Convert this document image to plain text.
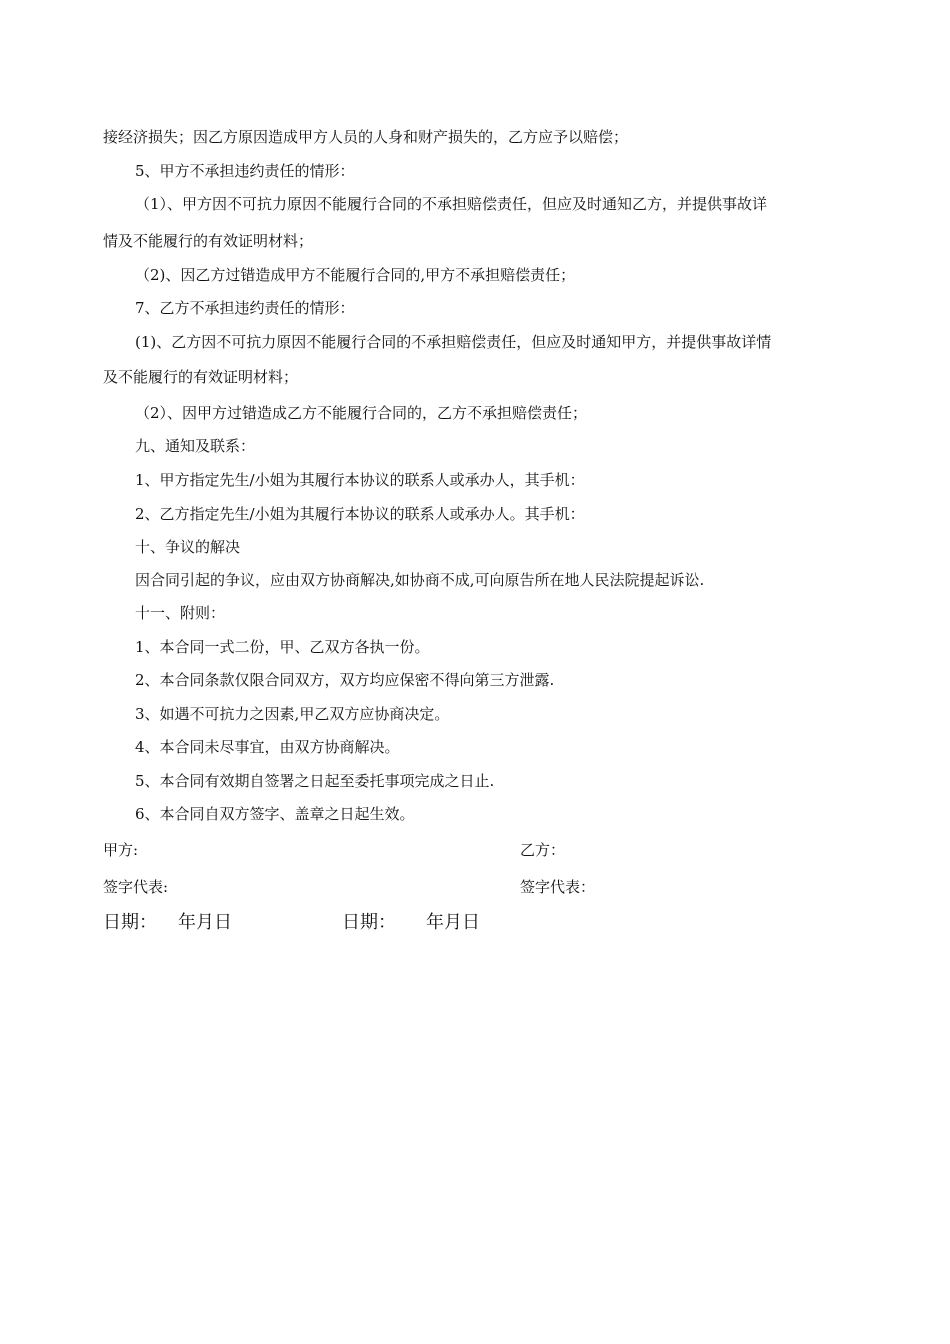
接经济损失；因乙方原因造成甲方人员的人身和财产损失的，乙方应予以赔偿；
5、甲方不承担违约责任的情形：
（1）、甲方因不可抗力原因不能履行合同的不承担赔偿责任，但应及时通知乙方，并提供事故详
情及不能履行的有效证明材料；
（2)、因乙方过错造成甲方不能履行合同的,甲方不承担赔偿责任；
7、乙方不承担违约责任的情形：
(1)、乙方因不可抗力原因不能履行合同的不承担赔偿责任，但应及时通知甲方，并提供事故详情
及不能履行的有效证明材料；
（2）、因甲方过错造成乙方不能履行合同的，乙方不承担赔偿责任；
九、通知及联系：
1、甲方指定先生/小姐为其履行本协议的联系人或承办人，其手机：
2、乙方指定先生/小姐为其履行本协议的联系人或承办人。其手机：
十、争议的解决
因合同引起的争议，应由双方协商解决,如协商不成,可向原告所在地人民法院提起诉讼.
十一、附则：
1、本合同一式二份，甲、乙双方各执一份。
2、本合同条款仅限合同双方，双方均应保密不得向第三方泄露.
3、如遇不可抗力之因素,甲乙双方应协商决定。
4、本合同未尽事宜，由双方协商解决。
5、本合同有效期自签署之日起至委托事项完成之日止.
6、本合同自双方签字、盖章之日起生效。
甲方:	乙方：
签字代表:	签字代表：
日期： 年月日	日期： 年月日
